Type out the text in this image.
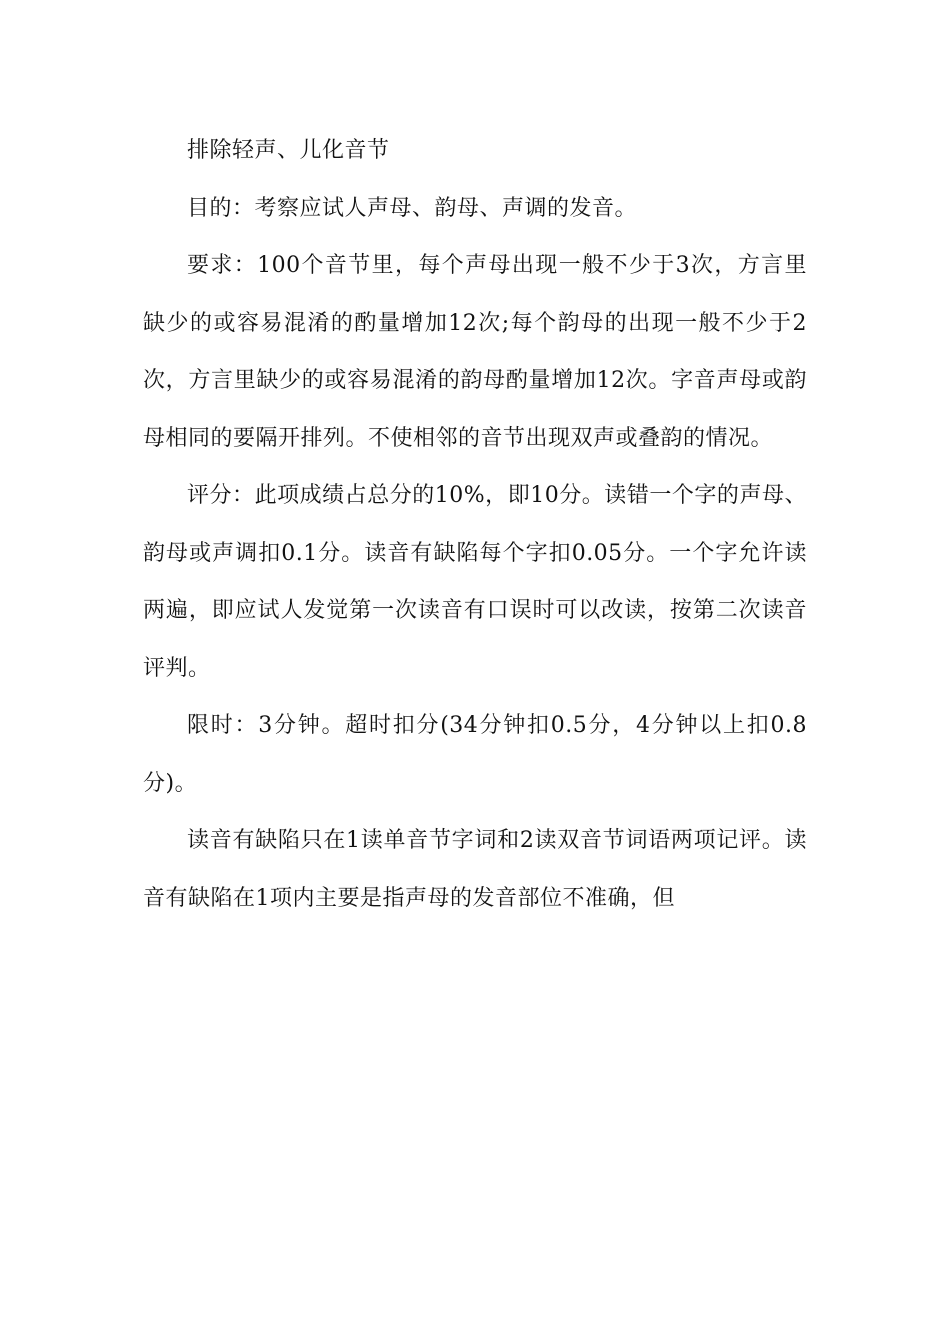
排除轻声、儿化音节

目的：考察应试人声母、韵母、声调的发音。

要求：100个音节里，每个声母出现一般不少于3次，方言里缺少的或容易混淆的酌量增加12次;每个韵母的出现一般不少于2次，方言里缺少的或容易混淆的韵母酌量增加12次。字音声母或韵母相同的要隔开排列。不使相邻的音节出现双声或叠韵的情况。

评分：此项成绩占总分的10%，即10分。读错一个字的声母、韵母或声调扣0.1分。读音有缺陷每个字扣0.05分。一个字允许读两遍，即应试人发觉第一次读音有口误时可以改读，按第二次读音评判。

限时：3分钟。超时扣分(34分钟扣0.5分，4分钟以上扣0.8分)。

读音有缺陷只在1读单音节字词和2读双音节词语两项记评。读音有缺陷在1项内主要是指声母的发音部位不准确，但
